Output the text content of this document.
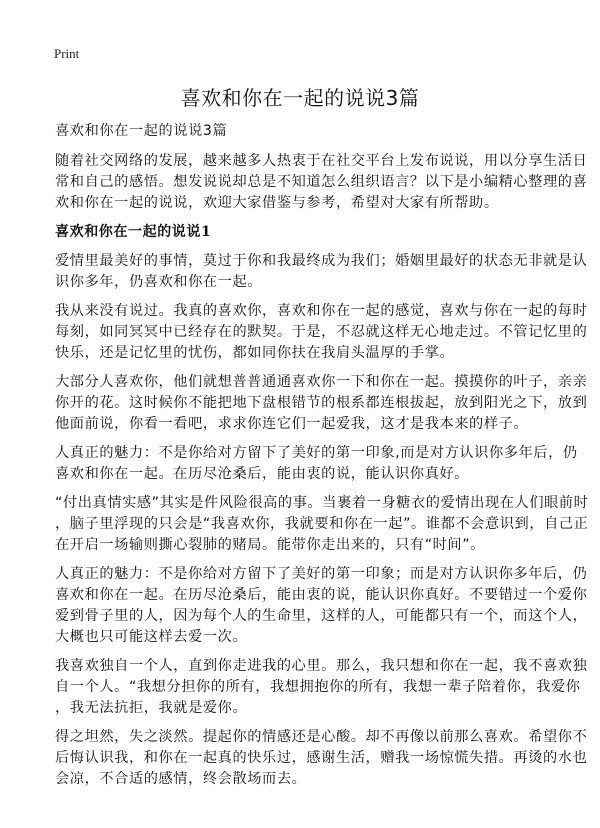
Print
喜欢和你在一起的说说3篇

喜欢和你在一起的说说3篇

随着社交网络的发展，越来越多人热衷于在社交平台上发布说说，用以分享生活日
常和自己的感悟。想发说说却总是不知道怎么组织语言？以下是小编精心整理的喜
欢和你在一起的说说，欢迎大家借鉴与参考，希望对大家有所帮助。

喜欢和你在一起的说说1

爱情里最美好的事情，莫过于你和我最终成为我们；婚姻里最好的状态无非就是认
识你多年，仍喜欢和你在一起。

我从来没有说过。我真的喜欢你，喜欢和你在一起的感觉，喜欢与你在一起的每时
每刻，如同冥冥中已经存在的默契。于是，不忍就这样无心地走过。不管记忆里的
快乐，还是记忆里的忧伤，都如同你扶在我肩头温厚的手掌。

大部分人喜欢你，他们就想普普通通喜欢你一下和你在一起。摸摸你的叶子，亲亲
你开的花。这时候你不能把地下盘根错节的根系都连根拔起，放到阳光之下，放到
他面前说，你看一看吧，求求你连它们一起爱我，这才是我本来的样子。

人真正的魅力：不是你给对方留下了美好的第一印象,而是对方认识你多年后，仍
喜欢和你在一起。在历尽沧桑后，能由衷的说，能认识你真好。

“付出真情实感”其实是件风险很高的事。当裹着一身糖衣的爱情出现在人们眼前时
，脑子里浮现的只会是“我喜欢你，我就要和你在一起”。谁都不会意识到，自己正
在开启一场输则撕心裂肺的赌局。能带你走出来的，只有“时间”。

人真正的魅力：不是你给对方留下了美好的第一印象；而是对方认识你多年后，仍
喜欢和你在一起。在历尽沧桑后，能由衷的说，能认识你真好。不要错过一个爱你
爱到骨子里的人，因为每个人的生命里，这样的人，可能都只有一个，而这个人，
大概也只可能这样去爱一次。

我喜欢独自一个人，直到你走进我的心里。那么，我只想和你在一起，我不喜欢独
自一个人。“我想分担你的所有，我想拥抱你的所有，我想一辈子陪着你，我爱你
，我无法抗拒，我就是爱你。

得之坦然，失之淡然。提起你的情感还是心酸。却不再像以前那么喜欢。希望你不
后悔认识我，和你在一起真的快乐过，感谢生活，赠我一场惊慌失措。再烫的水也
会凉，不合适的感情，终会散场而去。
